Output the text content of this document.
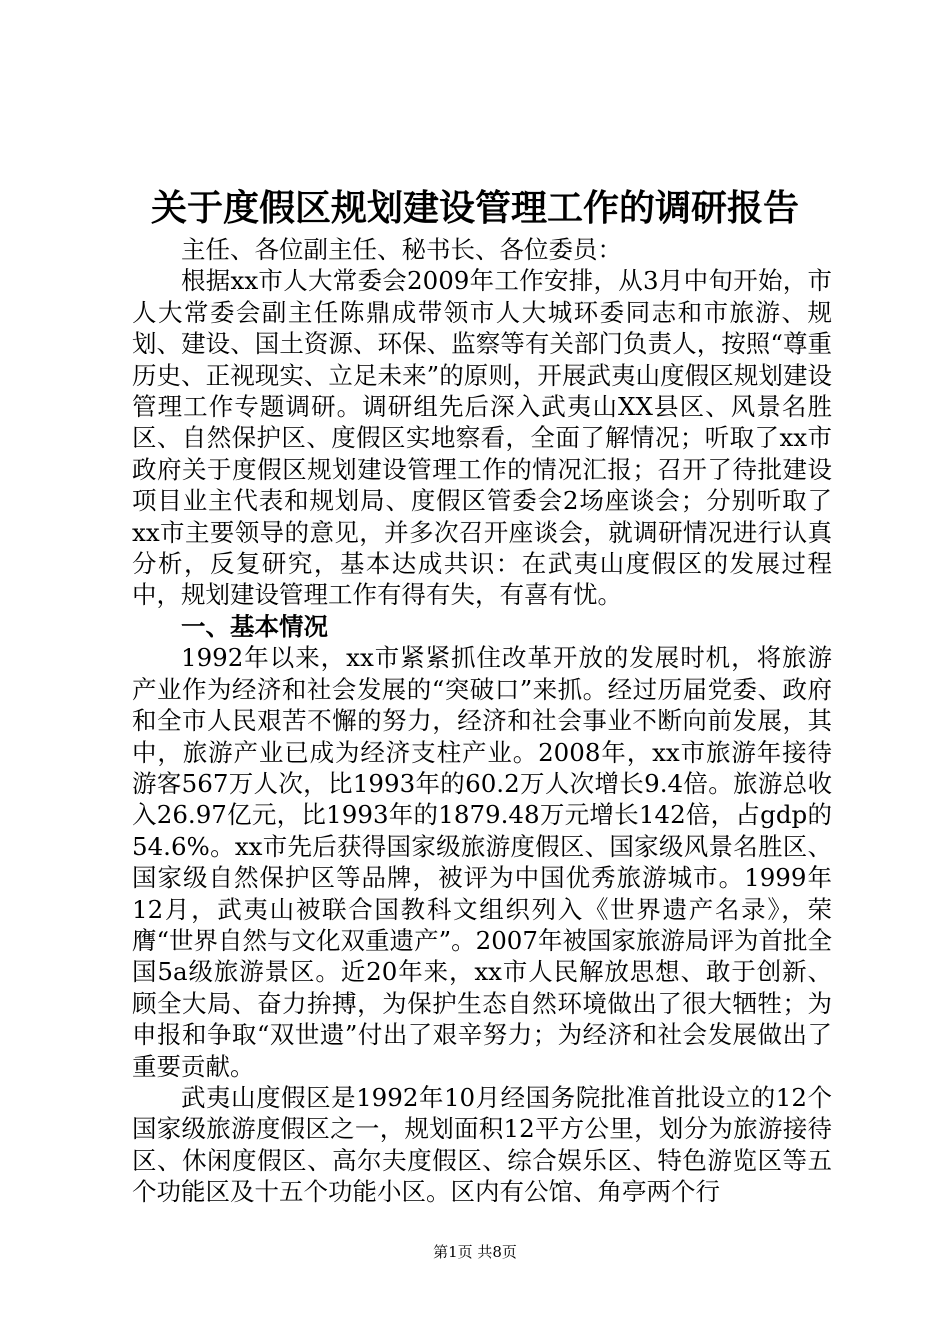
关于度假区规划建设管理工作的调研报告

主任、各位副主任、秘书长、各位委员：

根据xx市人大常委会2009年工作安排，从3月中旬开始，市人大常委会副主任陈鼎成带领市人大城环委同志和市旅游、规划、建设、国土资源、环保、监察等有关部门负责人，按照“尊重历史、正视现实、立足未来”的原则，开展武夷山度假区规划建设管理工作专题调研。调研组先后深入武夷山XX县区、风景名胜区、自然保护区、度假区实地察看，全面了解情况；听取了xx市政府关于度假区规划建设管理工作的情况汇报；召开了待批建设项目业主代表和规划局、度假区管委会2场座谈会；分别听取了xx市主要领导的意见，并多次召开座谈会，就调研情况进行认真分析，反复研究，基本达成共识：在武夷山度假区的发展过程中，规划建设管理工作有得有失，有喜有忧。

一、基本情况

1992年以来，xx市紧紧抓住改革开放的发展时机，将旅游产业作为经济和社会发展的“突破口”来抓。经过历届党委、政府和全市人民艰苦不懈的努力，经济和社会事业不断向前发展，其中，旅游产业已成为经济支柱产业。2008年，xx市旅游年接待游客567万人次，比1993年的60.2万人次增长9.4倍。旅游总收入26.97亿元，比1993年的1879.48万元增长142倍，占gdp的54.6%。xx市先后获得国家级旅游度假区、国家级风景名胜区、国家级自然保护区等品牌，被评为中国优秀旅游城市。1999年12月，武夷山被联合国教科文组织列入《世界遗产名录》，荣膺“世界自然与文化双重遗产”。2007年被国家旅游局评为首批全国5a级旅游景区。近20年来，xx市人民解放思想、敢于创新、顾全大局、奋力拚搏，为保护生态自然环境做出了很大牺牲；为申报和争取“双世遗”付出了艰辛努力；为经济和社会发展做出了重要贡献。

武夷山度假区是1992年10月经国务院批准首批设立的12个国家级旅游度假区之一，规划面积12平方公里，划分为旅游接待区、休闲度假区、高尔夫度假区、综合娱乐区、特色游览区等五个功能区及十五个功能小区。区内有公馆、角亭两个行

第1页 共8页
